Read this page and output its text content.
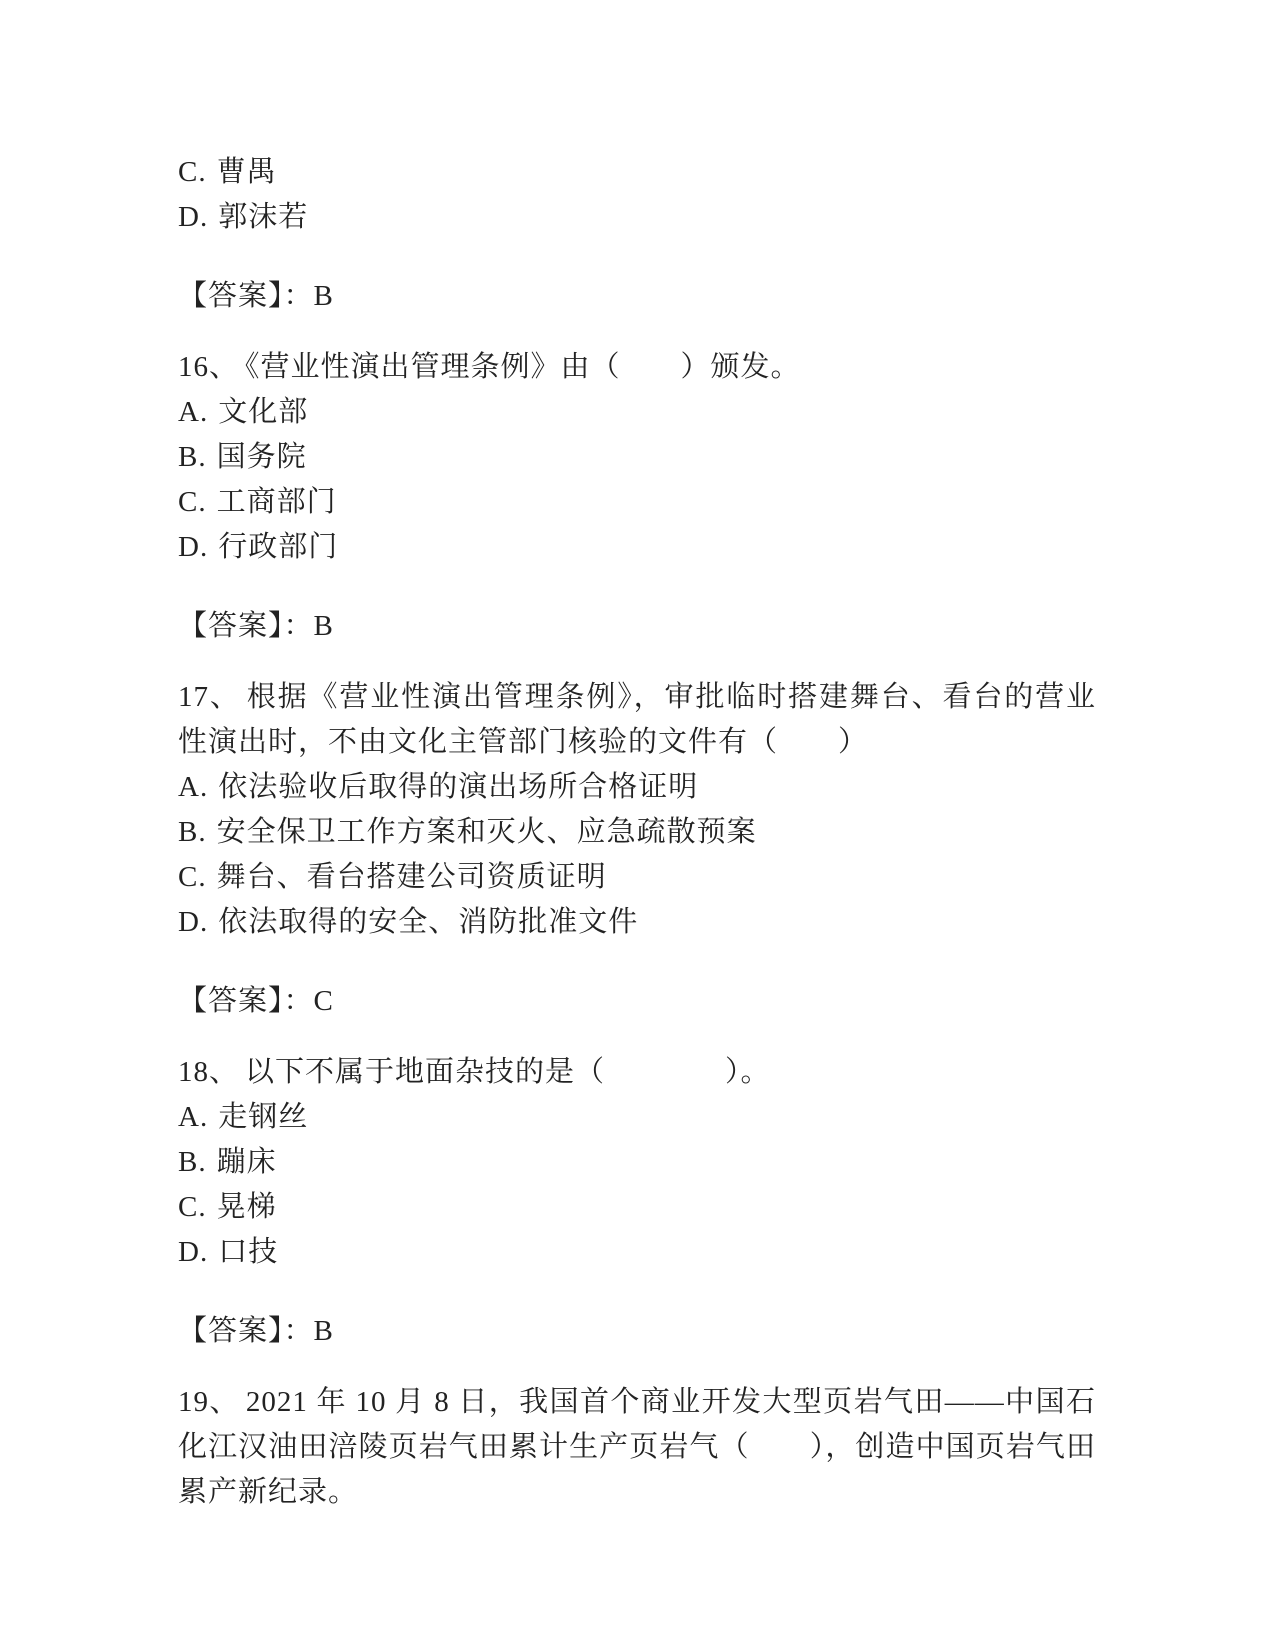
C. 曹禺

D. 郭沫若

【答案】：B

16、 《营业性演出管理条例》由（　　）颁发。

A. 文化部

B. 国务院

C. 工商部门

D. 行政部门

【答案】：B

17、 根据《营业性演出管理条例》，审批临时搭建舞台、看台的营业性演出时，不由文化主管部门核验的文件有（　　）

A. 依法验收后取得的演出场所合格证明

B. 安全保卫工作方案和灭火、应急疏散预案

C. 舞台、看台搭建公司资质证明

D. 依法取得的安全、消防批准文件

【答案】：C

18、 以下不属于地面杂技的是（　　　　）。

A. 走钢丝

B. 蹦床

C. 晃梯

D. 口技

【答案】：B

19、 2021 年 10 月 8 日，我国首个商业开发大型页岩气田——中国石化江汉油田涪陵页岩气田累计生产页岩气（　　），创造中国页岩气田累产新纪录。
